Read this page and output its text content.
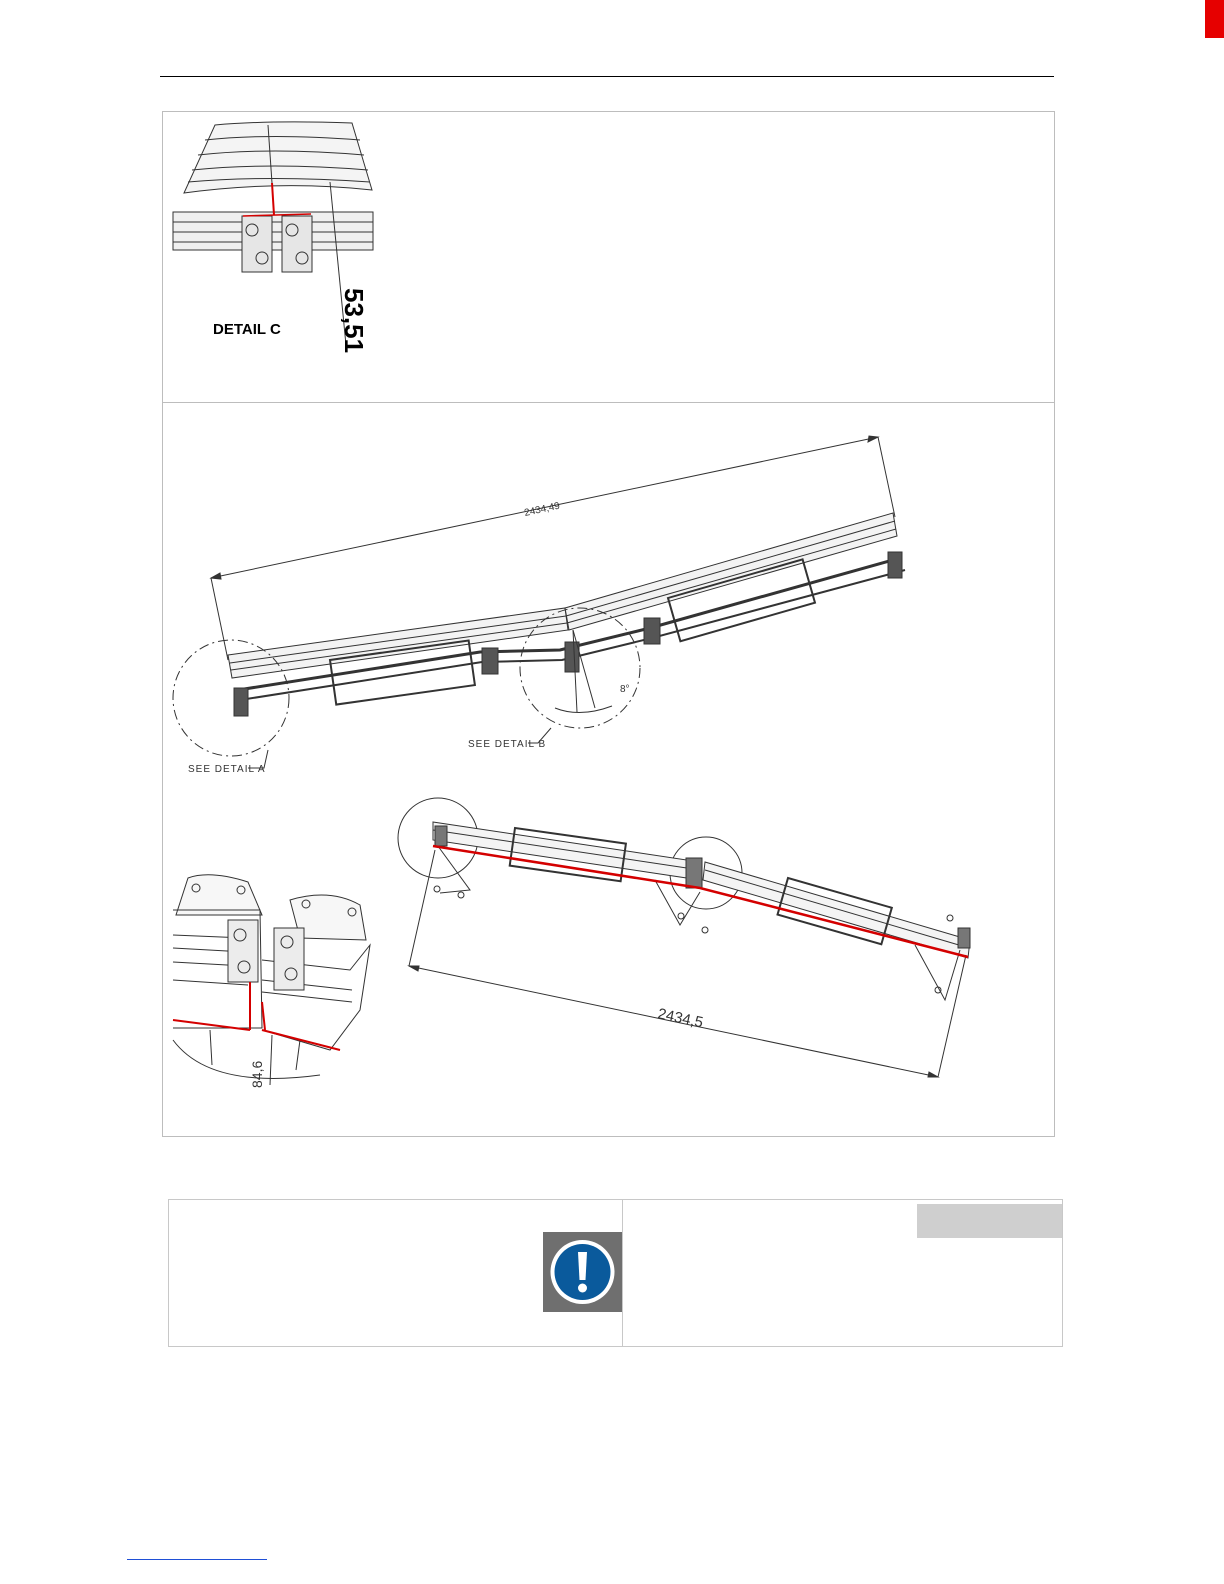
DETAIL C 53,51
2434,49
8°
SEE DETAIL A
SEE DETAIL B
84,6
2434,5
